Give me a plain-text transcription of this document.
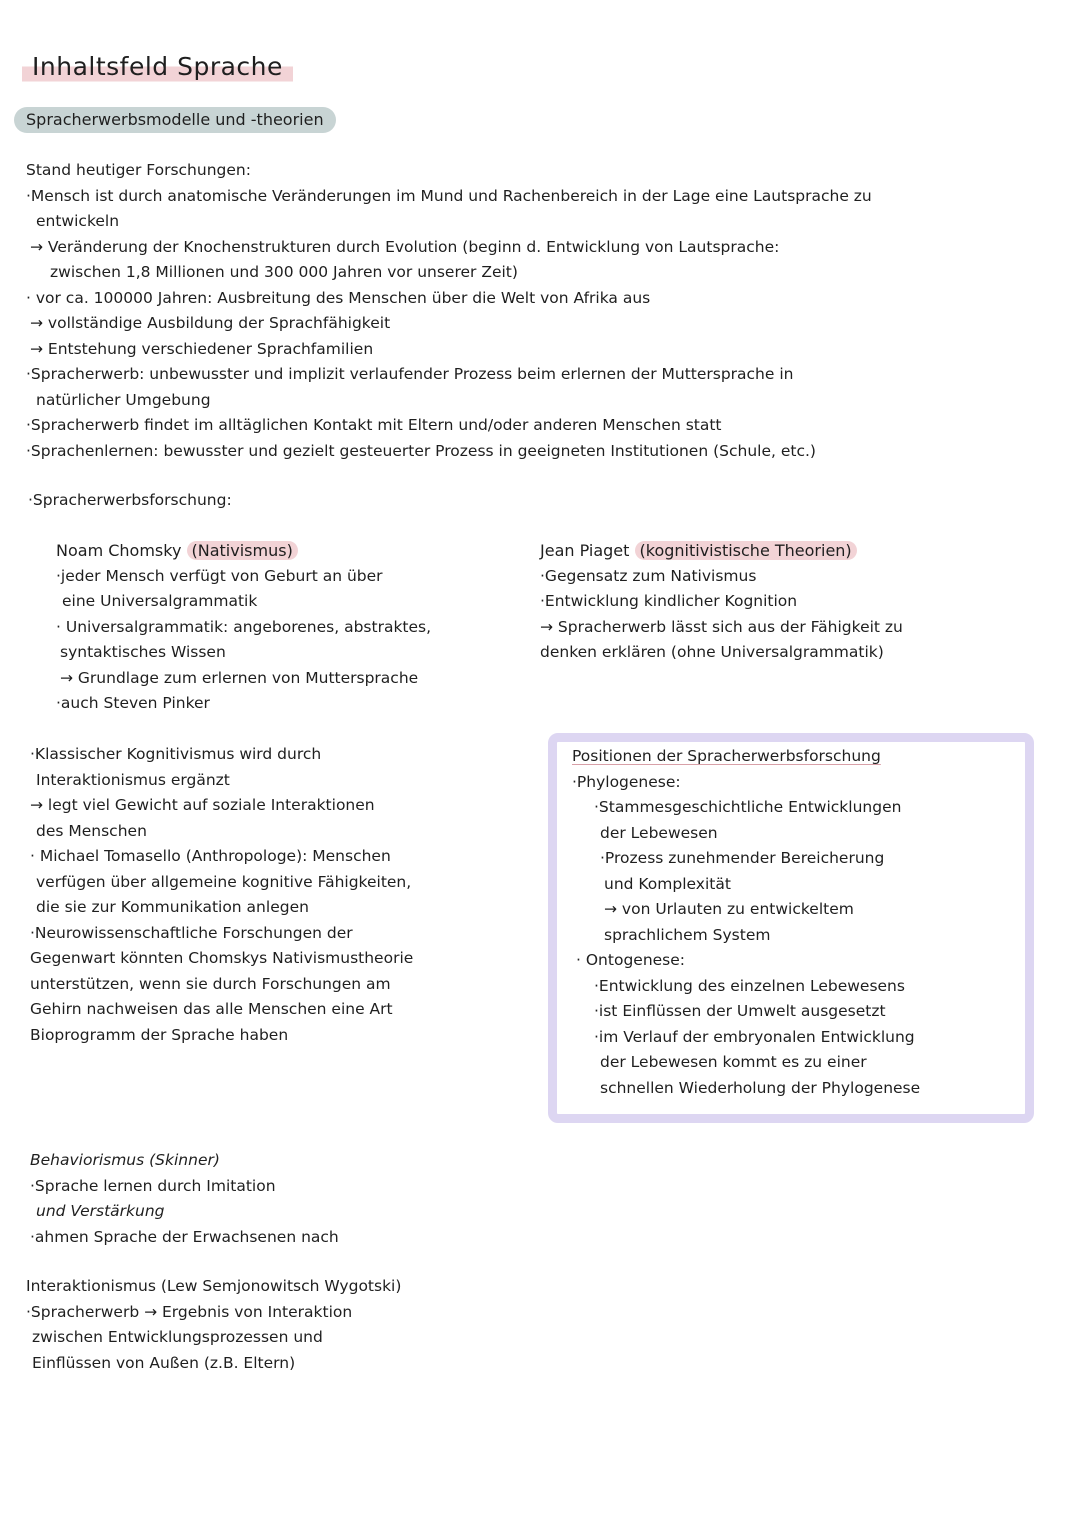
Inhaltsfeld Sprache
Spracherwerbsmodelle und -theorien
Stand heutiger Forschungen:
·Mensch ist durch anatomische Veränderungen im Mund und Rachenbereich in der Lage eine Lautsprache zu
entwickeln
→ Veränderung der Knochenstrukturen durch Evolution (beginn d. Entwicklung von Lautsprache:
zwischen 1,8 Millionen und 300 000 Jahren vor unserer Zeit)
· vor ca. 100000 Jahren: Ausbreitung des Menschen über die Welt von Afrika aus
→ vollständige Ausbildung der Sprachfähigkeit
→ Entstehung verschiedener Sprachfamilien
·Spracherwerb: unbewusster und implizit verlaufender Prozess beim erlernen der Muttersprache in
natürlicher Umgebung
·Spracherwerb findet im alltäglichen Kontakt mit Eltern und/oder anderen Menschen statt
·Sprachenlernen: bewusster und gezielt gesteuerter Prozess in geeigneten Institutionen (Schule, etc.)
·Spracherwerbsforschung:
Noam Chomsky (Nativismus)
·jeder Mensch verfügt von Geburt an über
eine Universalgrammatik
· Universalgrammatik: angeborenes, abstraktes,
syntaktisches Wissen
→ Grundlage zum erlernen von Muttersprache
·auch Steven Pinker
Jean Piaget (kognitivistische Theorien)
·Gegensatz zum Nativismus
·Entwicklung kindlicher Kognition
→ Spracherwerb lässt sich aus der Fähigkeit zu
denken erklären (ohne Universalgrammatik)
·Klassischer Kognitivismus wird durch
Interaktionismus ergänzt
→ legt viel Gewicht auf soziale Interaktionen
des Menschen
· Michael Tomasello (Anthropologe): Menschen
verfügen über allgemeine kognitive Fähigkeiten,
die sie zur Kommunikation anlegen
·Neurowissenschaftliche Forschungen der
Gegenwart könnten Chomskys Nativismustheorie
unterstützen, wenn sie durch Forschungen am
Gehirn nachweisen das alle Menschen eine Art
Bioprogramm der Sprache haben
Positionen der Spracherwerbsforschung
·Phylogenese:
·Stammesgeschichtliche Entwicklungen
der Lebewesen
·Prozess zunehmender Bereicherung
und Komplexität
→ von Urlauten zu entwickeltem
sprachlichem System
· Ontogenese:
·Entwicklung des einzelnen Lebewesens
·ist Einflüssen der Umwelt ausgesetzt
·im Verlauf der embryonalen Entwicklung
der Lebewesen kommt es zu einer
schnellen Wiederholung der Phylogenese
Behaviorismus (Skinner)
·Sprache lernen durch Imitation
und Verstärkung
·ahmen Sprache der Erwachsenen nach
Interaktionismus (Lew Semjonowitsch Wygotski)
·Spracherwerb → Ergebnis von Interaktion
zwischen Entwicklungsprozessen und
Einflüssen von Außen (z.B. Eltern)
